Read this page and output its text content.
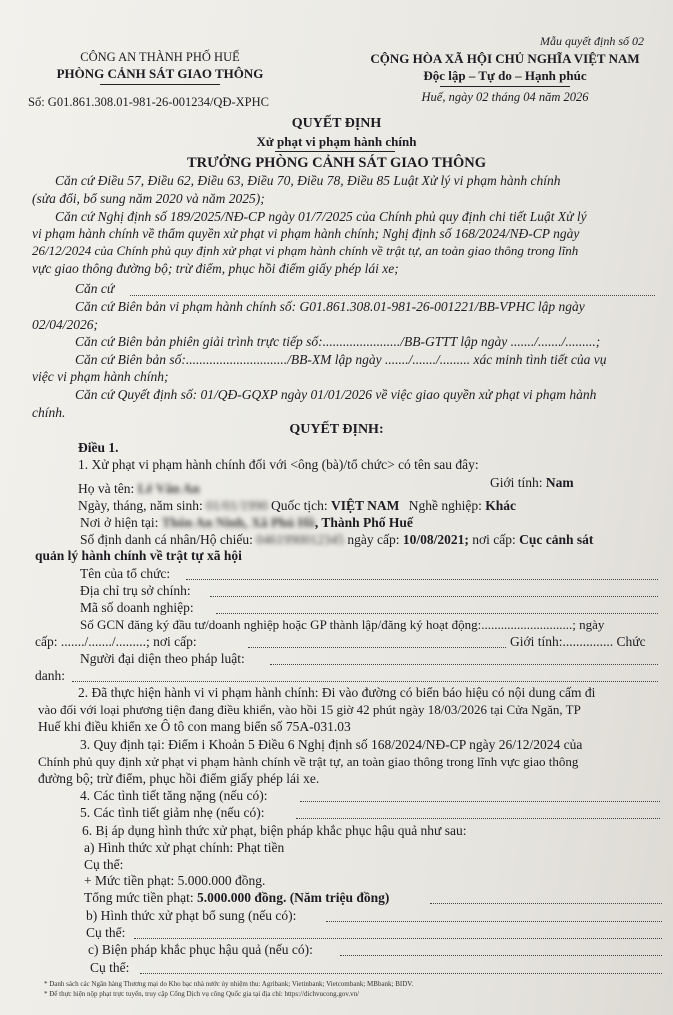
Mẫu quyết định số 02
CÔNG AN THÀNH PHỐ HUẾ
PHÒNG CẢNH SÁT GIAO THÔNG
CỘNG HÒA XÃ HỘI CHỦ NGHĨA VIỆT NAM
Độc lập – Tự do – Hạnh phúc
Huế, ngày 02 tháng 04 năm 2026
Số: G01.861.308.01-981-26-001234/QĐ-XPHC
QUYẾT ĐỊNH
Xử phạt vi phạm hành chính
TRƯỞNG PHÒNG CẢNH SÁT GIAO THÔNG
Căn cứ Điều 57, Điều 62, Điều 63, Điều 70, Điều 78, Điều 85 Luật Xử lý vi phạm hành chính
(sửa đổi, bổ sung năm 2020 và năm 2025);
Căn cứ Nghị định số 189/2025/NĐ-CP ngày 01/7/2025 của Chính phủ quy định chi tiết Luật Xử lý
vi phạm hành chính về thẩm quyền xử phạt vi phạm hành chính; Nghị định số 168/2024/NĐ-CP ngày
26/12/2024 của Chính phủ quy định xử phạt vi phạm hành chính về trật tự, an toàn giao thông trong lĩnh
vực giao thông đường bộ; trừ điểm, phục hồi điểm giấy phép lái xe;
Căn cứ
Căn cứ Biên bản vi phạm hành chính số: G01.861.308.01-981-26-001221/BB-VPHC lập ngày
02/04/2026;
Căn cứ Biên bản phiên giải trình trực tiếp số:......................./BB-GTTT lập ngày ......./......./.........;
Căn cứ Biên bản số:............................../BB-XM lập ngày ......./......./......... xác minh tình tiết của vụ
việc vi phạm hành chính;
Căn cứ Quyết định số: 01/QĐ-GQXP ngày 01/01/2026 về việc giao quyền xử phạt vi phạm hành
chính.
QUYẾT ĐỊNH:
Điều 1.
1. Xử phạt vi phạm hành chính đối với <ông (bà)/tổ chức> có tên sau đây:
Giới tính: Nam
Họ và tên: Lê Văn An
Ngày, tháng, năm sinh: 01/01/1990 Quốc tịch: VIỆT NAM Nghề nghiệp: Khác
Nơi ở hiện tại: Thôn An Ninh, Xã Phú Hồ, Thành Phố Huế
Số định danh cá nhân/Hộ chiếu: 0461990012345 ngày cấp: 10/08/2021; nơi cấp: Cục cảnh sát
quản lý hành chính về trật tự xã hội
Tên của tổ chức:
Địa chỉ trụ sở chính:
Mã số doanh nghiệp:
Số GCN đăng ký đầu tư/doanh nghiệp hoặc GP thành lập/đăng ký hoạt động:............................; ngày
cấp: ......./......./.........; nơi cấp:	Giới tính:............... Chức
Người đại diện theo pháp luật:
danh:
2. Đã thực hiện hành vi vi phạm hành chính: Đi vào đường có biển báo hiệu có nội dung cấm đi
vào đối với loại phương tiện đang điều khiển, vào hồi 15 giờ 42 phút ngày 18/03/2026 tại Cửa Ngăn, TP
Huế khi điều khiển xe Ô tô con mang biển số 75A-031.03
3. Quy định tại: Điểm i Khoản 5 Điều 6 Nghị định số 168/2024/NĐ-CP ngày 26/12/2024 của
Chính phủ quy định xử phạt vi phạm hành chính về trật tự, an toàn giao thông trong lĩnh vực giao thông
đường bộ; trừ điểm, phục hồi điểm giấy phép lái xe.
4. Các tình tiết tăng nặng (nếu có):
5. Các tình tiết giảm nhẹ (nếu có):
6. Bị áp dụng hình thức xử phạt, biện pháp khắc phục hậu quả như sau:
a) Hình thức xử phạt chính: Phạt tiền
Cụ thể:
+ Mức tiền phạt: 5.000.000 đồng.
Tổng mức tiền phạt: 5.000.000 đồng. (Năm triệu đồng)
b) Hình thức xử phạt bổ sung (nếu có):
Cụ thể:
c) Biện pháp khắc phục hậu quả (nếu có):
Cụ thể:
* Danh sách các Ngân hàng Thương mại do Kho bạc nhà nước ủy nhiệm thu: Agribank; Vietinbank; Vietcombank; MBbank; BIDV.
* Để thực hiện nộp phạt trực tuyến, truy cập Cổng Dịch vụ công Quốc gia tại địa chỉ: https://dichvucong.gov.vn/
